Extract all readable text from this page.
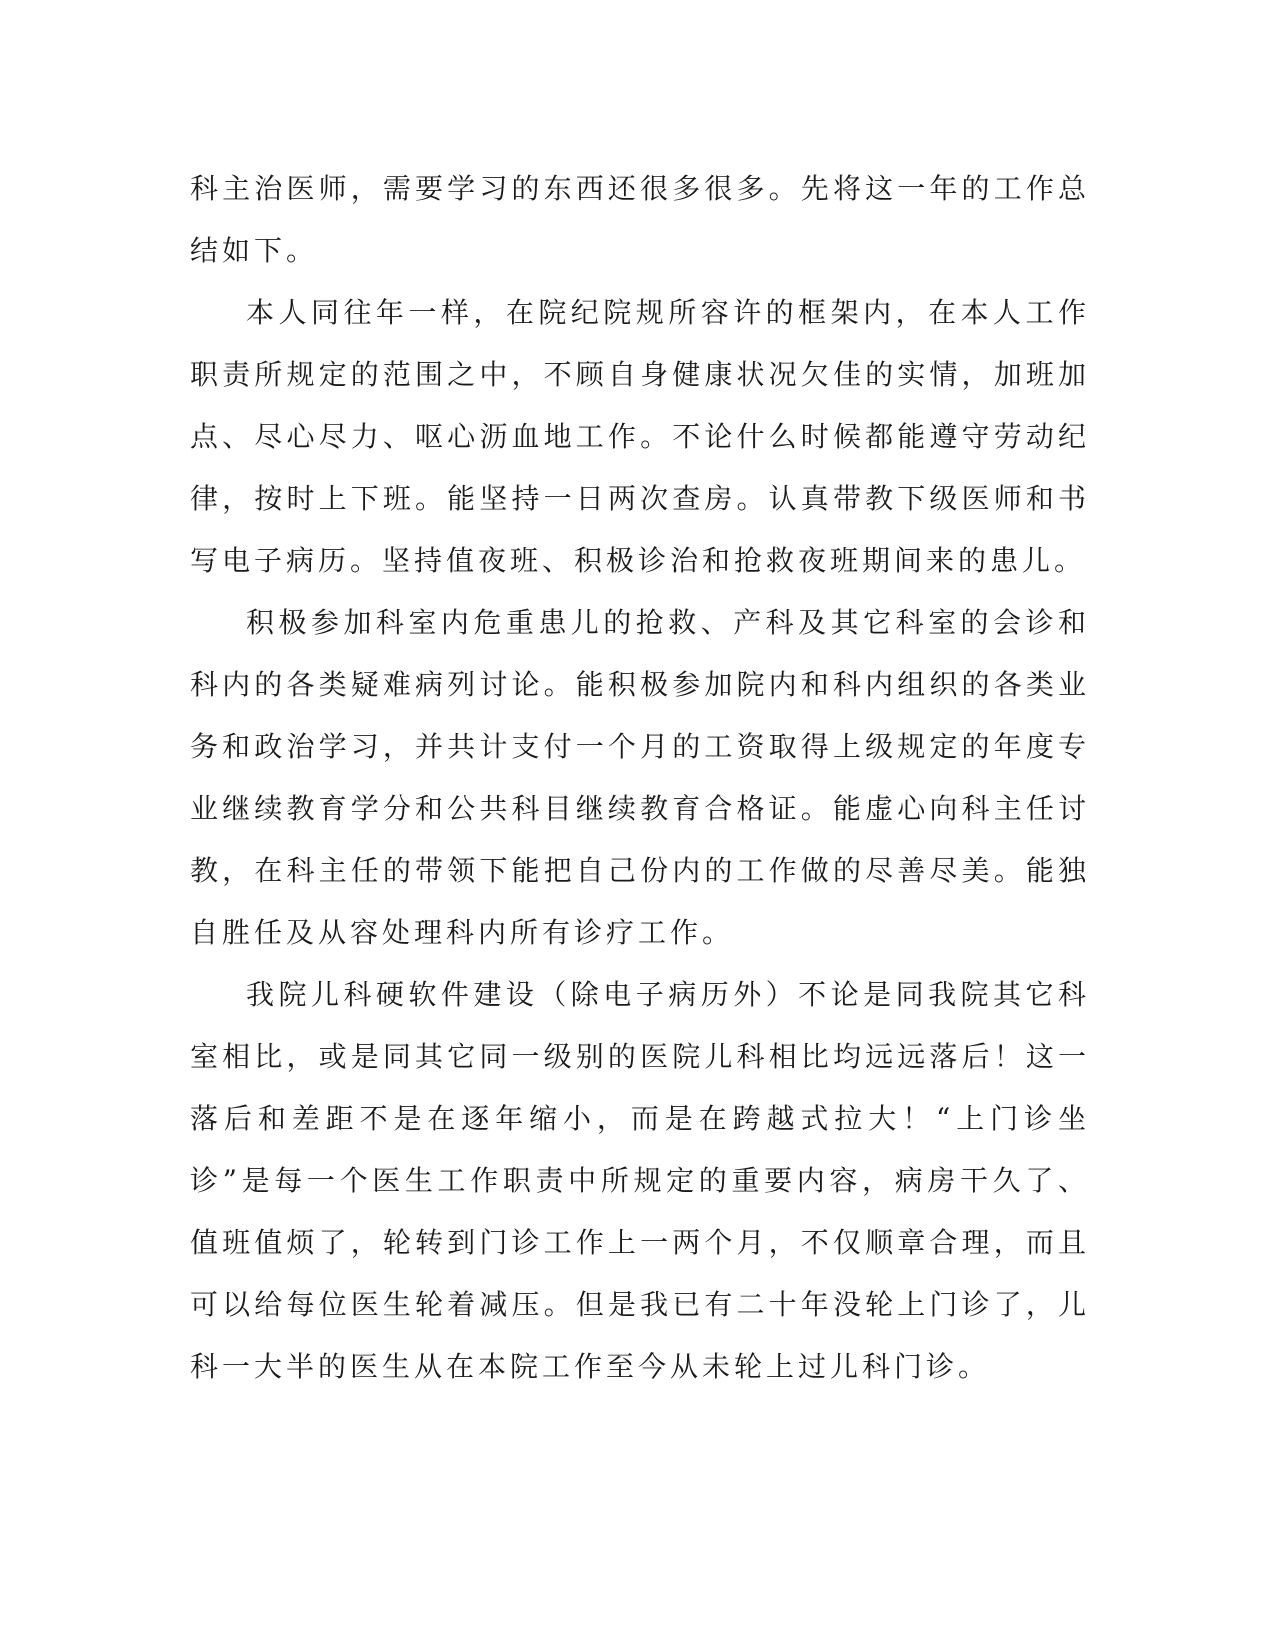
科主治医师，需要学习的东西还很多很多。先将这一年的工作总结如下。

本人同往年一样，在院纪院规所容许的框架内，在本人工作职责所规定的范围之中，不顾自身健康状况欠佳的实情，加班加点、尽心尽力、呕心沥血地工作。不论什么时候都能遵守劳动纪律，按时上下班。能坚持一日两次查房。认真带教下级医师和书写电子病历。坚持值夜班、积极诊治和抢救夜班期间来的患儿。

积极参加科室内危重患儿的抢救、产科及其它科室的会诊和科内的各类疑难病列讨论。能积极参加院内和科内组织的各类业务和政治学习，并共计支付一个月的工资取得上级规定的年度专业继续教育学分和公共科目继续教育合格证。能虚心向科主任讨教，在科主任的带领下能把自己份内的工作做的尽善尽美。能独自胜任及从容处理科内所有诊疗工作。

我院儿科硬软件建设（除电子病历外）不论是同我院其它科室相比，或是同其它同一级别的医院儿科相比均远远落后！这一落后和差距不是在逐年缩小，而是在跨越式拉大！“上门诊坐诊”是每一个医生工作职责中所规定的重要内容，病房干久了、值班值烦了，轮转到门诊工作上一两个月，不仅顺章合理，而且可以给每位医生轮着减压。但是我已有二十年没轮上门诊了，儿科一大半的医生从在本院工作至今从未轮上过儿科门诊。
